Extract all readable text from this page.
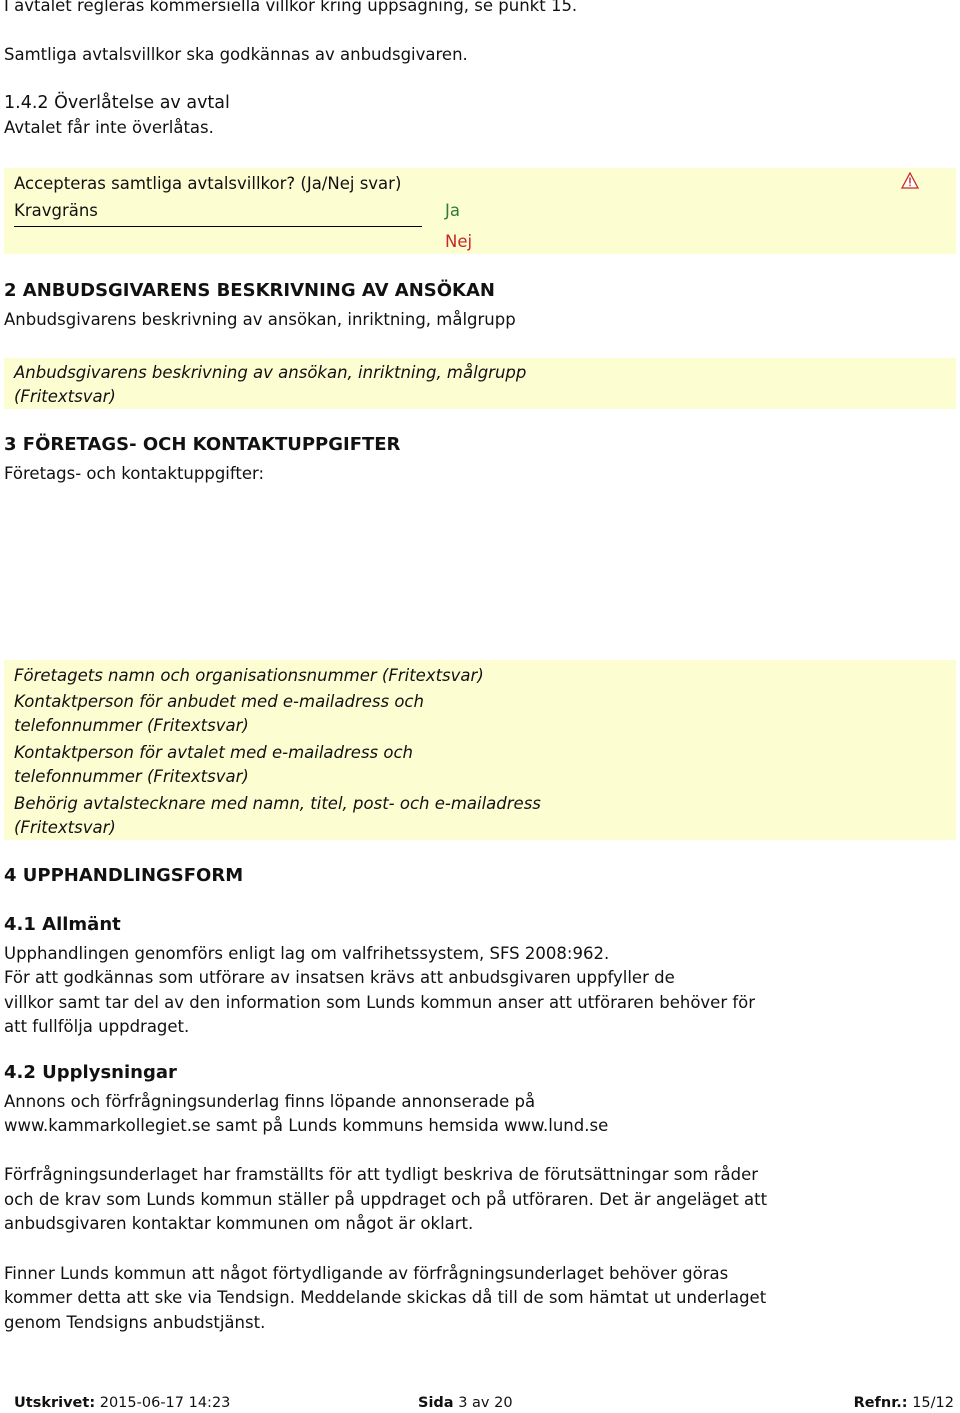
I avtalet regleras kommersiella villkor kring uppsägning, se punkt 15.
Samtliga avtalsvillkor ska godkännas av anbudsgivaren.
1.4.2 Överlåtelse av avtal
Avtalet får inte överlåtas.
Accepteras samtliga avtalsvillkor? (Ja/Nej svar)
Kravgräns	Ja
Nej
2 ANBUDSGIVARENS BESKRIVNING AV ANSÖKAN
Anbudsgivarens beskrivning av ansökan, inriktning, målgrupp
Anbudsgivarens beskrivning av ansökan, inriktning, målgrupp
(Fritextsvar)
3 FÖRETAGS- OCH KONTAKTUPPGIFTER
Företags- och kontaktuppgifter:
Företagets namn och organisationsnummer (Fritextsvar)
Kontaktperson för anbudet med e-mailadress och
telefonnummer (Fritextsvar)
Kontaktperson för avtalet med e-mailadress och
telefonnummer (Fritextsvar)
Behörig avtalstecknare med namn, titel, post- och e-mailadress
(Fritextsvar)
4 UPPHANDLINGSFORM
4.1 Allmänt
Upphandlingen genomförs enligt lag om valfrihetssystem, SFS 2008:962.
För att godkännas som utförare av insatsen krävs att anbudsgivaren uppfyller de
villkor samt tar del av den information som Lunds kommun anser att utföraren behöver för
att fullfölja uppdraget.
4.2 Upplysningar
Annons och förfrågningsunderlag finns löpande annonserade på
www.kammarkollegiet.se samt på Lunds kommuns hemsida www.lund.se
Förfrågningsunderlaget har framställts för att tydligt beskriva de förutsättningar som råder
och de krav som Lunds kommun ställer på uppdraget och på utföraren. Det är angeläget att
anbudsgivaren kontaktar kommunen om något är oklart.
Finner Lunds kommun att något förtydligande av förfrågningsunderlaget behöver göras
kommer detta att ske via Tendsign. Meddelande skickas då till de som hämtat ut underlaget
genom Tendsigns anbudstjänst.
Utskrivet: 2015-06-17 14:23	Sida 3 av 20	Refnr.: 15/12
